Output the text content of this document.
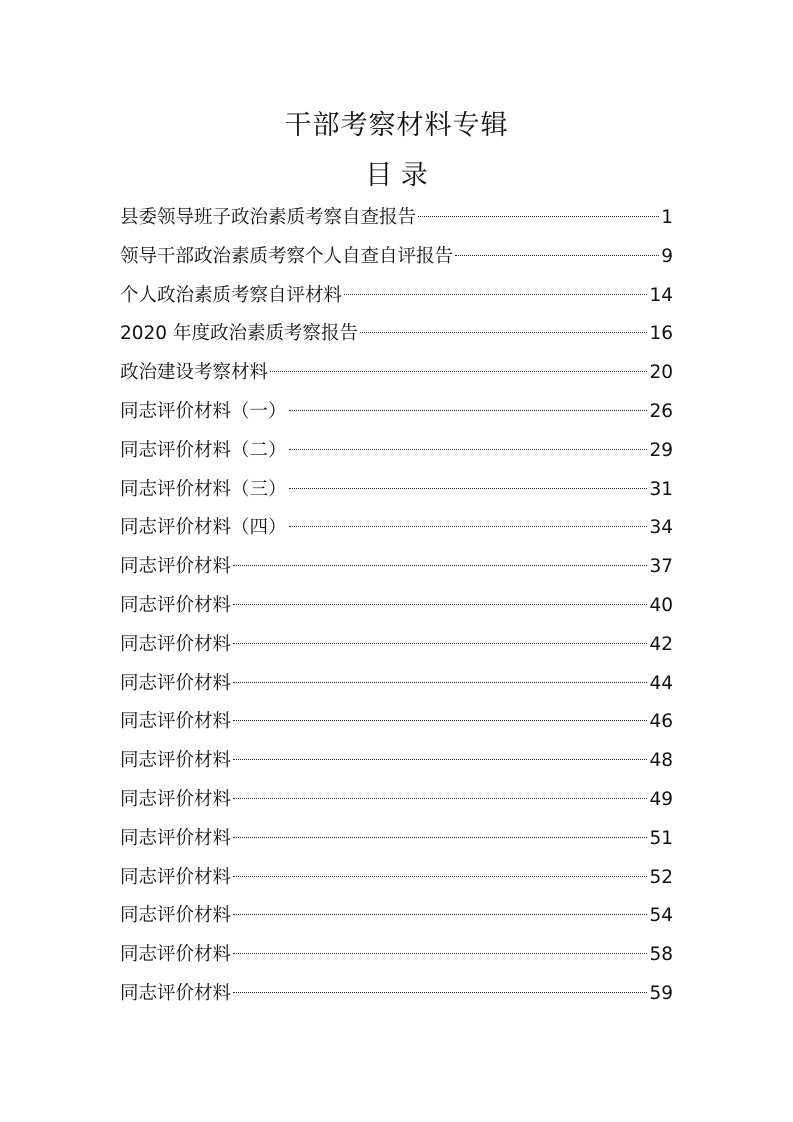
干部考察材料专辑
目 录
县委领导班子政治素质考察自查报告	1
领导干部政治素质考察个人自查自评报告	9
个人政治素质考察自评材料	14
2020 年度政治素质考察报告	16
政治建设考察材料	20
同志评价材料（一）	26
同志评价材料（二）	29
同志评价材料（三）	31
同志评价材料（四）	34
同志评价材料	37
同志评价材料	40
同志评价材料	42
同志评价材料	44
同志评价材料	46
同志评价材料	48
同志评价材料	49
同志评价材料	51
同志评价材料	52
同志评价材料	54
同志评价材料	58
同志评价材料	59
